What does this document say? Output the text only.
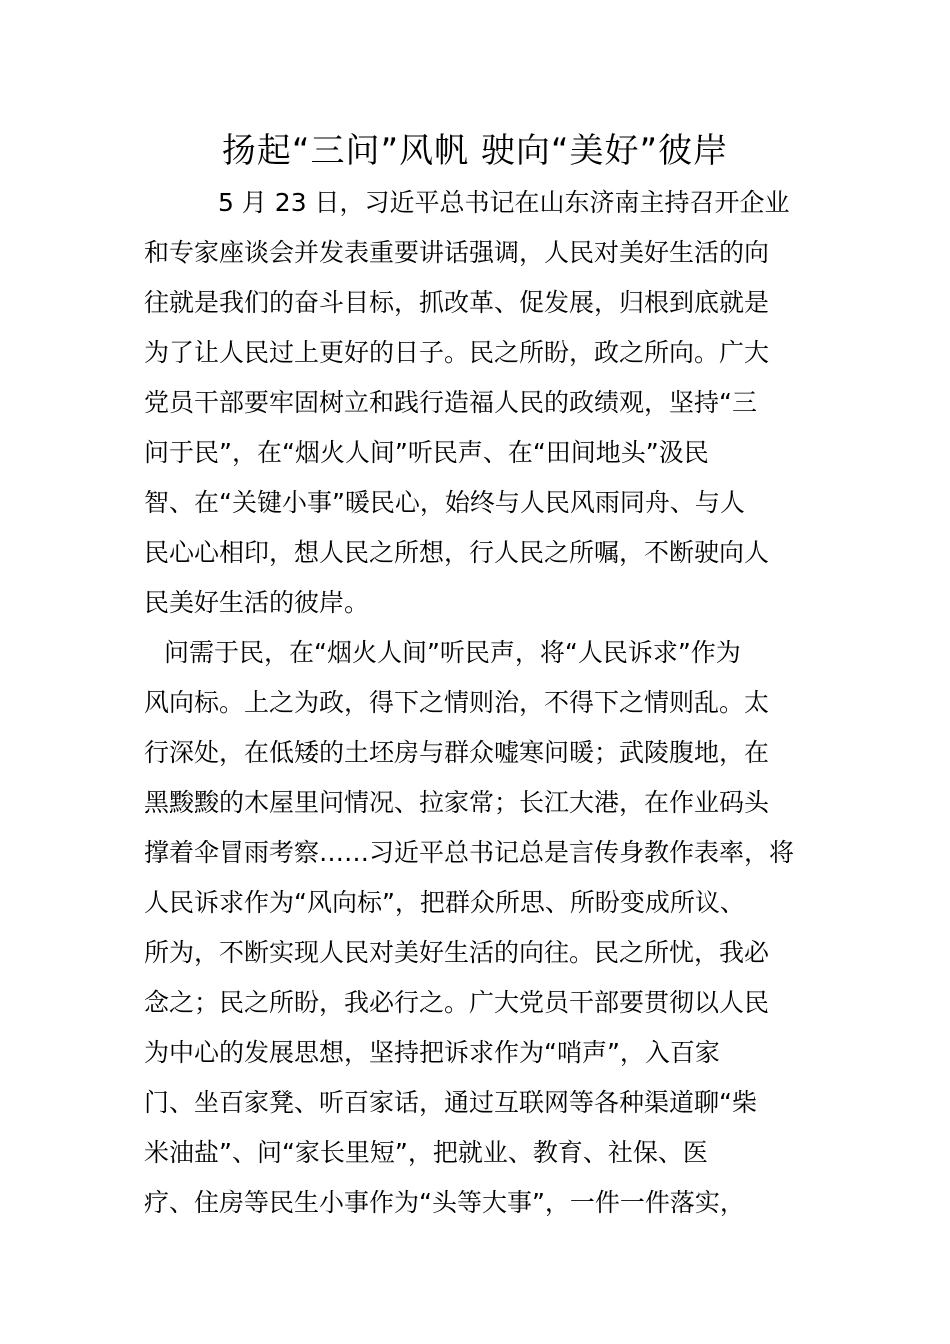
扬起“三问”风帆 驶向“美好”彼岸
5 月 23 日，习近平总书记在山东济南主持召开企业
和专家座谈会并发表重要讲话强调，人民对美好生活的向
往就是我们的奋斗目标，抓改革、促发展，归根到底就是
为了让人民过上更好的日子。民之所盼，政之所向。广大
党员干部要牢固树立和践行造福人民的政绩观，坚持“三
问于民”，在“烟火人间”听民声、在“田间地头”汲民
智、在“关键小事”暖民心，始终与人民风雨同舟、与人
民心心相印，想人民之所想，行人民之所嘱，不断驶向人
民美好生活的彼岸。
问需于民，在“烟火人间”听民声，将“人民诉求”作为
风向标。上之为政，得下之情则治，不得下之情则乱。太
行深处，在低矮的土坯房与群众嘘寒问暖；武陵腹地，在
黑黢黢的木屋里问情况、拉家常；长江大港，在作业码头
撑着伞冒雨考察……习近平总书记总是言传身教作表率，将
人民诉求作为“风向标”，把群众所思、所盼变成所议、
所为，不断实现人民对美好生活的向往。民之所忧，我必
念之；民之所盼，我必行之。广大党员干部要贯彻以人民
为中心的发展思想，坚持把诉求作为“哨声”，入百家
门、坐百家凳、听百家话，通过互联网等各种渠道聊“柴
米油盐”、问“家长里短”，把就业、教育、社保、医
疗、住房等民生小事作为“头等大事”，一件一件落实，
